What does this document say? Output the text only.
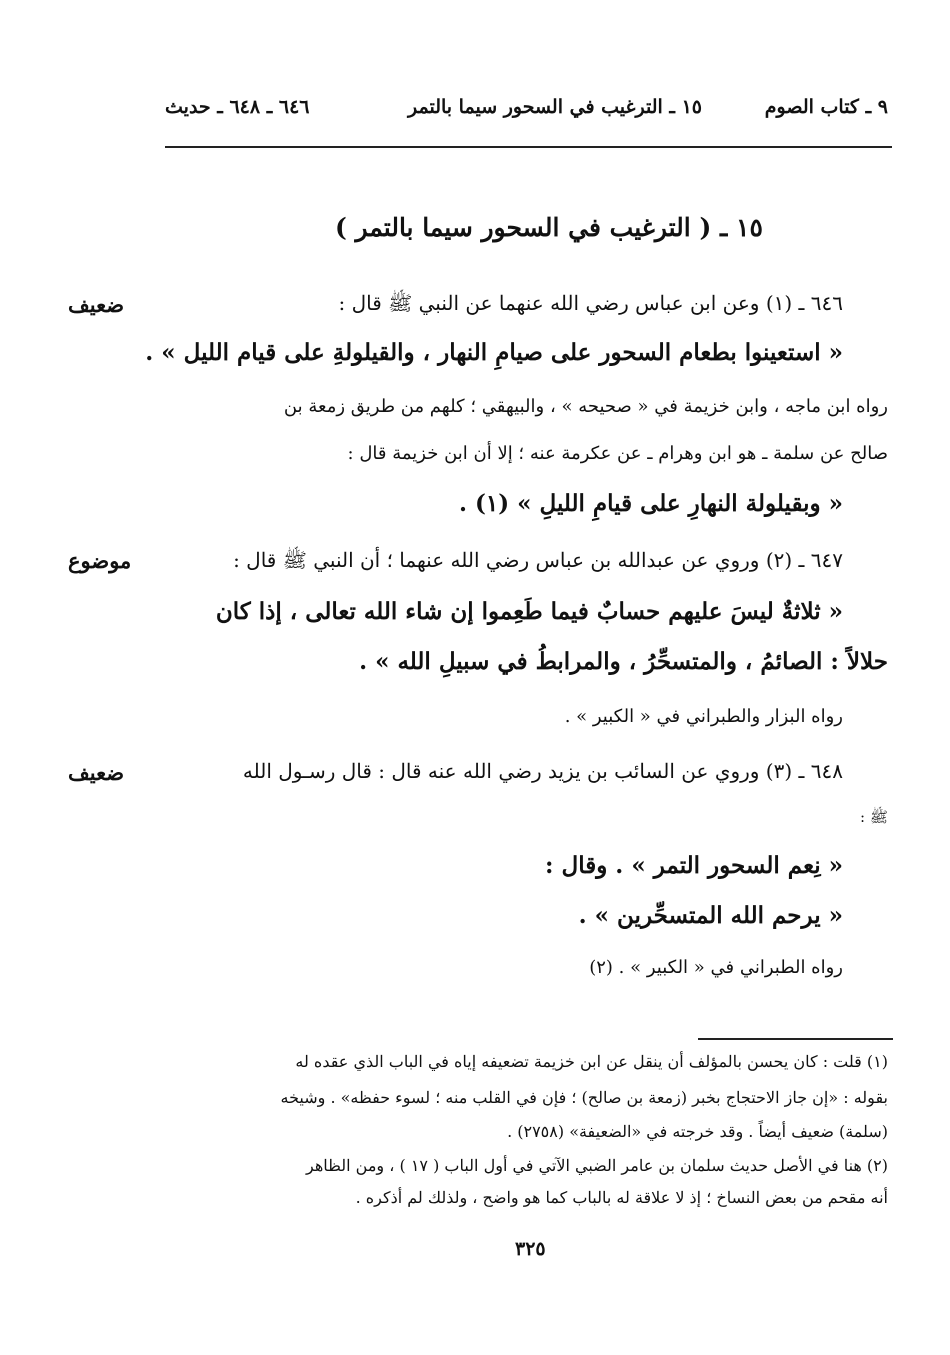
٩ ـ كتاب الصوم
١٥ ـ الترغيب في السحور سيما بالتمر
٦٤٦ ـ ٦٤٨ ـ حديث
١٥ ـ ( الترغيب في السحور سيما بالتمر )
ضعيف	٦٤٦ ـ (١) وعن ابن عباس رضي الله عنهما عن النبي ﷺ قال :
« استعينوا بطعام السحور على صيامِ النهار ، والقيلولةِ على قيام الليل » .
رواه ابن ماجه ، وابن خزيمة في « صحيحه » ، والبيهقي ؛ كلهم من طريق زمعة بن
صالح عن سلمة ـ هو ابن وهرام ـ عن عكرمة عنه ؛ إلا أن ابن خزيمة قال :
« وبقيلولة النهارِ على قيامِ الليلِ » (١) .
موضوع	٦٤٧ ـ (٢) وروي عن عبدالله بن عباس رضي الله عنهما ؛ أن النبي ﷺ قال :
« ثلاثةٌ ليسَ عليهم حسابٌ فيما طَعِموا إن شاء الله تعالى ، إذا كان
حلالاً : الصائمُ ، والمتسحِّرُ ، والمرابطُ في سبيلِ الله » .
رواه البزار والطبراني في « الكبير » .
ضعيف	٦٤٨ ـ (٣) وروي عن السائب بن يزيد رضي الله عنه قال : قال رسـول الله
ﷺ :
« نِعم السحور التمر » . وقال :
« يرحم الله المتسحِّرين » .
رواه الطبراني في « الكبير » . (٢)
(١) قلت : كان يحسن بالمؤلف أن ينقل عن ابن خزيمة تضعيفه إياه في الباب الذي عقده له
بقوله : «إن جاز الاحتجاج بخبر (زمعة بن صالح) ؛ فإن في القلب منه ؛ لسوء حفظه» . وشيخه
(سلمة) ضعيف أيضاً . وقد خرجته في «الضعيفة» (٢٧٥٨) .
(٢) هنا في الأصل حديث سلمان بن عامر الضبي الآتي في أول الباب ( ١٧ ) ، ومن الظاهر
أنه مقحم من بعض النساخ ؛ إذ لا علاقة له بالباب كما هو واضح ، ولذلك لم أذكره .
٣٢٥
